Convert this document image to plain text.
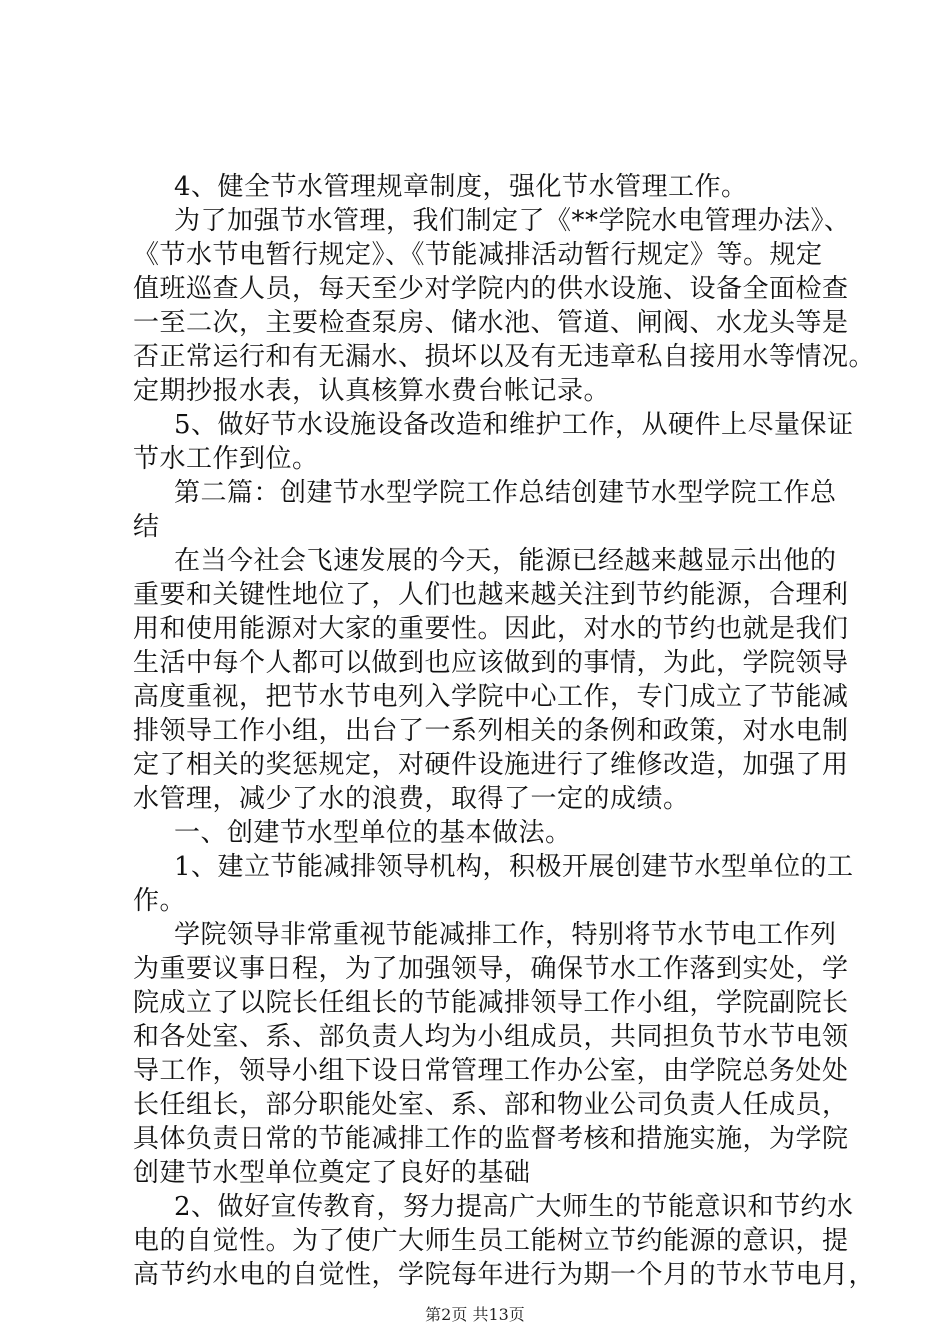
4、健全节水管理规章制度，强化节水管理工作。
为了加强节水管理，我们制定了《**学院水电管理办法》、
《节水节电暂行规定》、《节能减排活动暂行规定》等。规定
值班巡查人员，每天至少对学院内的供水设施、设备全面检查
一至二次，主要检查泵房、储水池、管道、闸阀、水龙头等是
否正常运行和有无漏水、损坏以及有无违章私自接用水等情况。
定期抄报水表，认真核算水费台帐记录。
5、做好节水设施设备改造和维护工作，从硬件上尽量保证
节水工作到位。
第二篇：创建节水型学院工作总结创建节水型学院工作总
结
在当今社会飞速发展的今天，能源已经越来越显示出他的
重要和关键性地位了，人们也越来越关注到节约能源，合理利
用和使用能源对大家的重要性。因此，对水的节约也就是我们
生活中每个人都可以做到也应该做到的事情，为此，学院领导
高度重视，把节水节电列入学院中心工作，专门成立了节能减
排领导工作小组，出台了一系列相关的条例和政策，对水电制
定了相关的奖惩规定，对硬件设施进行了维修改造，加强了用
水管理，减少了水的浪费，取得了一定的成绩。
一、创建节水型单位的基本做法。
1、建立节能减排领导机构，积极开展创建节水型单位的工
作。
学院领导非常重视节能减排工作，特别将节水节电工作列
为重要议事日程，为了加强领导，确保节水工作落到实处，学
院成立了以院长任组长的节能减排领导工作小组，学院副院长
和各处室、系、部负责人均为小组成员，共同担负节水节电领
导工作，领导小组下设日常管理工作办公室，由学院总务处处
长任组长，部分职能处室、系、部和物业公司负责人任成员，
具体负责日常的节能减排工作的监督考核和措施实施，为学院
创建节水型单位奠定了良好的基础
2、做好宣传教育，努力提高广大师生的节能意识和节约水
电的自觉性。为了使广大师生员工能树立节约能源的意识，提
高节约水电的自觉性，学院每年进行为期一个月的节水节电月，
第2页 共13页
